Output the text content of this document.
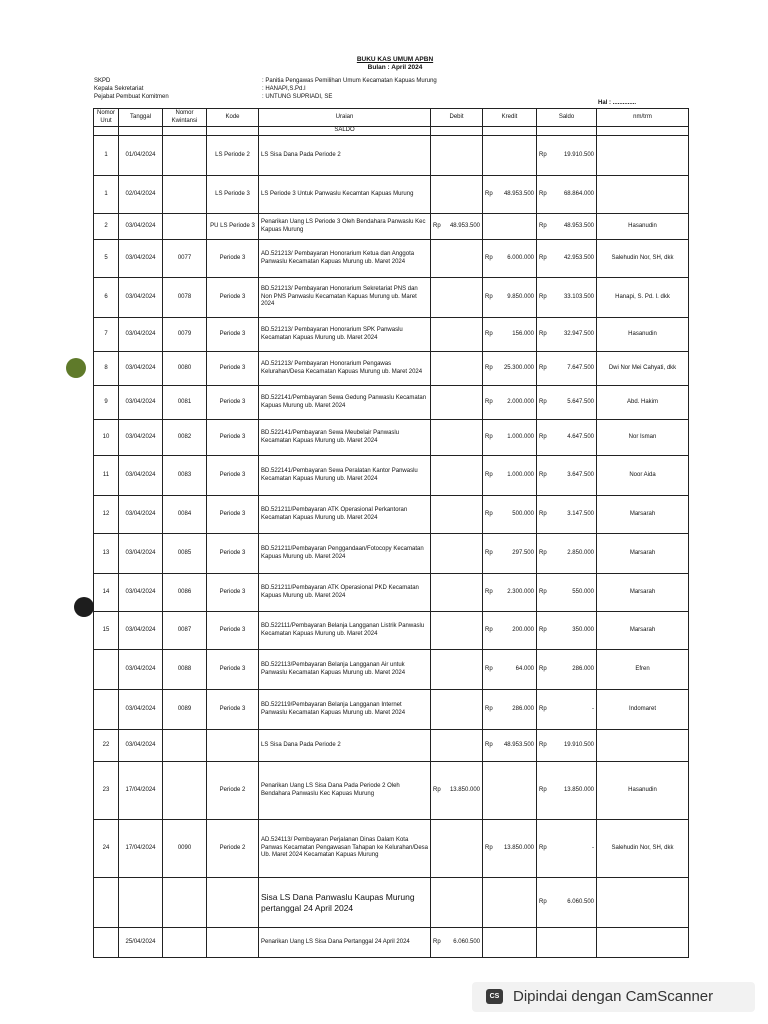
BUKU KAS UMUM APBN
Bulan : April 2024
SKPD
Kepala Sekretariat
Pejabat Pembuat Komitmen
: Panitia Pengawas Pemilihan Umum Kecamatan Kapuas Murung
: HANAPI,S.Pd.I
: UNTUNG SUPRIADI, SE
Hal : ..............
Nomor Urut	Tanggal	Nomor Kwintansi	Kode	Uraian	Debit	Kredit	Saldo	nm/trm
				SALDO				
1	01/04/2024		LS Periode 2	LS Sisa Dana Pada Periode 2			Rp 19.910.500	

1	02/04/2024		LS Periode 3	LS Periode 3 Untuk Panwaslu Kecamtan Kapuas Murung		Rp 48.953.500	Rp 68.864.000	

2	03/04/2024		PU LS Periode 3	Penarikan Uang LS Periode 3 Oleh Bendahara Panwaslu Kec Kapuas Murung	Rp 48.953.500		Rp 48.953.500	Hasanudin
5	03/04/2024	0077	Periode 3	AD.521213/ Pembayaran Honorarium Ketua dan Anggota Panwaslu Kecamatan Kapuas Murung ub. Maret 2024		Rp 6.000.000	Rp 42.953.500	Salehudin Nor, SH, dkk
6	03/04/2024	0078	Periode 3	BD.521213/ Pembayaran Honorarium Sekretariat PNS dan Non PNS Panwaslu Kecamatan Kapuas Murung ub. Maret 2024		Rp 9.850.000	Rp 33.103.500	Hanapi, S. Pd. I. dkk
7	03/04/2024	0079	Periode 3	BD.521213/ Pembayaran Honorarium SPK Panwaslu Kecamatan Kapuas Murung ub. Maret 2024		Rp 156.000	Rp 32.947.500	Hasanudin
8	03/04/2024	0080	Periode 3	AD.521213/ Pembayaran Honorarium Pengawas Kelurahan/Desa Kecamatan Kapuas Murung ub. Maret 2024		Rp 25.300.000	Rp 7.647.500	Dwi Nor Mei Cahyati, dkk
9	03/04/2024	0081	Periode 3	BD.522141/Pembayaran Sewa Gedung Panwaslu Kecamatan Kapuas Murung ub. Maret 2024		Rp 2.000.000	Rp 5.647.500	Abd. Hakim
10	03/04/2024	0082	Periode 3	BD.522141/Pembayaran Sewa Meubelair Panwaslu Kecamatan Kapuas Murung ub. Maret 2024		Rp 1.000.000	Rp 4.647.500	Nor Isman
11	03/04/2024	0083	Periode 3	BD.522141/Pembayaran Sewa Peralatan Kantor Panwaslu Kecamatan Kapuas Murung ub. Maret 2024		Rp 1.000.000	Rp 3.647.500	Noor Aida
12	03/04/2024	0084	Periode 3	BD.521211/Pembayaran ATK Operasional Perkantoran Kecamatan Kapuas Murung ub. Maret 2024		Rp 500.000	Rp 3.147.500	Marsarah
13	03/04/2024	0085	Periode 3	BD.521211/Pembayaran Penggandaan/Fotocopy Kecamatan Kapuas Murung ub. Maret 2024		Rp 297.500	Rp 2.850.000	Marsarah
14	03/04/2024	0086	Periode 3	BD.521211/Pembayaran ATK Operasional PKD Kecamatan Kapuas Murung ub. Maret 2024		Rp 2.300.000	Rp 550.000	Marsarah
15	03/04/2024	0087	Periode 3	BD.522111/Pembayaran Belanja Langganan Listrik Panwaslu Kecamatan Kapuas Murung ub. Maret 2024		Rp 200.000	Rp 350.000	Marsarah
	03/04/2024	0088	Periode 3	BD.522113/Pembayaran Belanja Langganan Air untuk Panwaslu Kecamatan Kapuas Murung ub. Maret 2024		Rp 64.000	Rp 286.000	Efren
	03/04/2024	0089	Periode 3	BD.522119/Pembayaran Belanja Langganan Internet Panwaslu Kecamatan Kapuas Murung ub. Maret 2024		Rp 286.000	Rp -	Indomaret
22	03/04/2024			LS Sisa Dana Pada Periode 2		Rp 48.953.500	Rp 19.910.500	

23	17/04/2024		Periode 2	Penarikan Uang LS Sisa Dana Pada Periode 2 Oleh Bendahara Panwaslu Kec Kapuas Murung	Rp 13.850.000		Rp 13.850.000	Hasanudin
24	17/04/2024	0090	Periode 2	AD.524113/ Pembayaran Perjalanan Dinas Dalam Kota Panwas Kecamatan Pengawasan Tahapan ke Kelurahan/Desa Ub. Maret 2024 Kecamatan Kapuas Murung		Rp 13.850.000	Rp -	Salehudin Nor, SH, dkk
				Sisa LS Dana Panwaslu Kaupas Murung pertanggal 24 April 2024			Rp 6.060.500	

	25/04/2024			Penarikan Uang LS Sisa Dana Pertanggal 24 April 2024	Rp 6.060.500			

CS Dipindai dengan CamScanner
